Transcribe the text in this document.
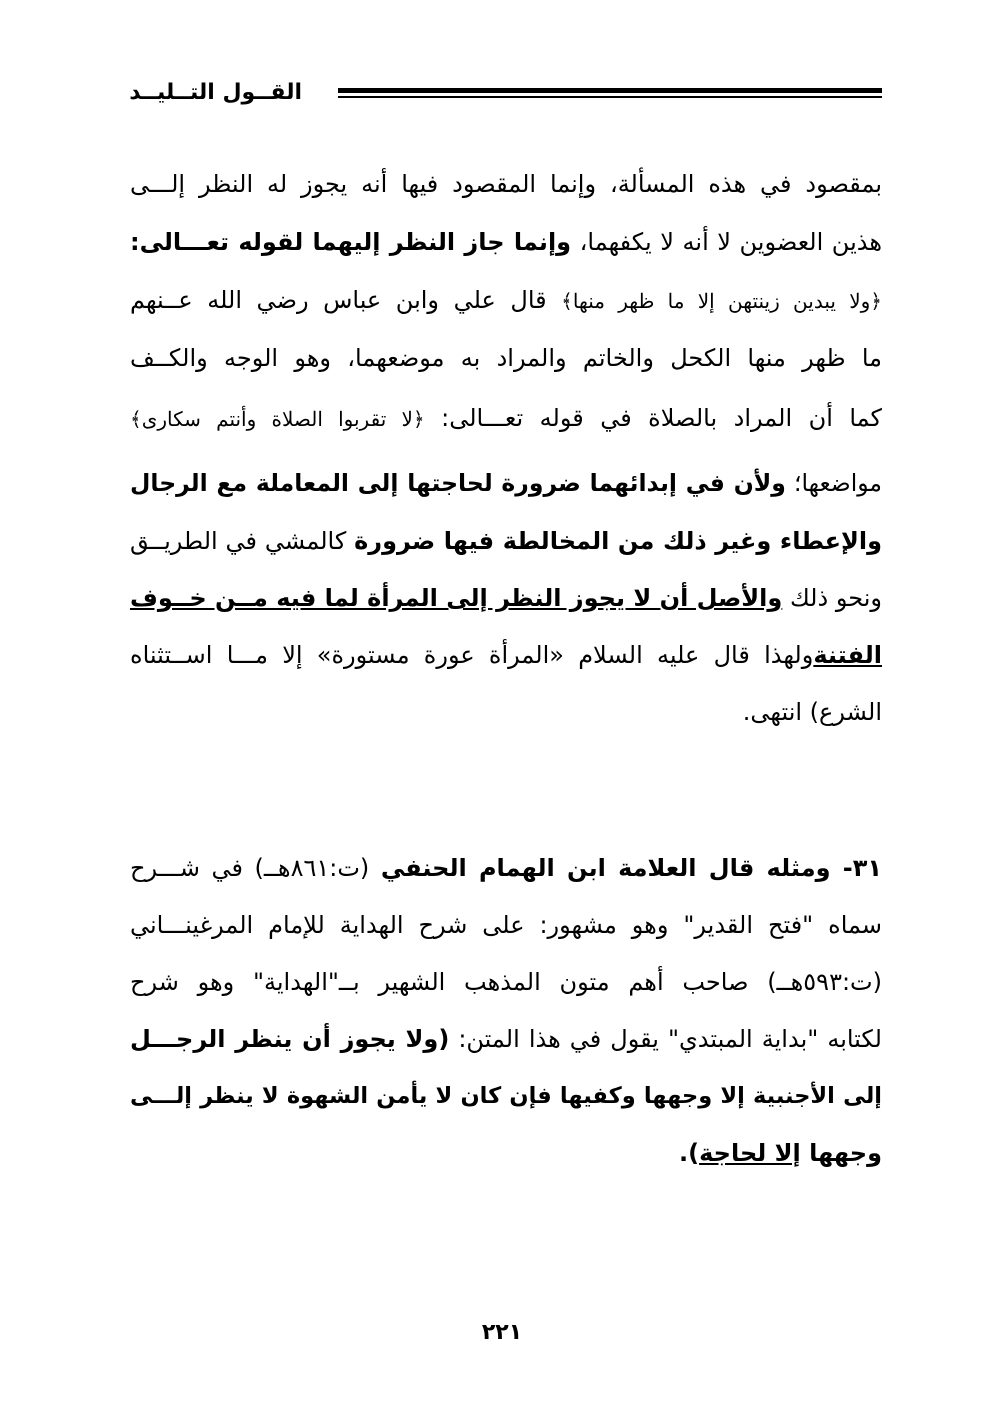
القــول التــليــد
بمقصود في هذه المسألة، وإنما المقصود فيها أنه يجوز له النظر إلـــى
هذين العضوين لا أنه لا يكفهما، وإنما جاز النظر إليهما لقوله تعـــالى:
﴿ولا يبدين زينتهن إلا ما ظهر منها﴾ قال علي وابن عباس رضي الله عــنهم
ما ظهر منها الكحل والخاتم والمراد به موضعهما، وهو الوجه والكــف
كما أن المراد بالصلاة في قوله تعـــالى: ﴿لا تقربوا الصلاة وأنتم سكارى﴾
مواضعها؛ ولأن في إبدائهما ضرورة لحاجتها إلى المعاملة مع الرجال
والإعطاء وغير ذلك من المخالطة فيها ضرورة كالمشي في الطريــق
ونحو ذلك والأصل أن لا يجوز النظر إلى المرأة لما فيه مــن خــوف
الفتنةولهذا قال عليه السلام «المرأة عورة مستورة» إلا مـــا اســتثناه
الشرع) انتهى.
٣١- ومثله قال العلامة ابن الهمام الحنفي (ت:٨٦١هــ) في شـــرح
سماه "فتح القدير" وهو مشهور: على شرح الهداية للإمام المرغينـــاني
(ت:٥٩٣هــ) صاحب أهم متون المذهب الشهير بــ"الهداية" وهو شرح
لكتابه "بداية المبتدي" يقول في هذا المتن: (ولا يجوز أن ينظر الرجـــل
إلى الأجنبية إلا وجهها وكفيها فإن كان لا يأمن الشهوة لا ينظر إلـــى
وجهها إلا لحاجة).
٢٢١
